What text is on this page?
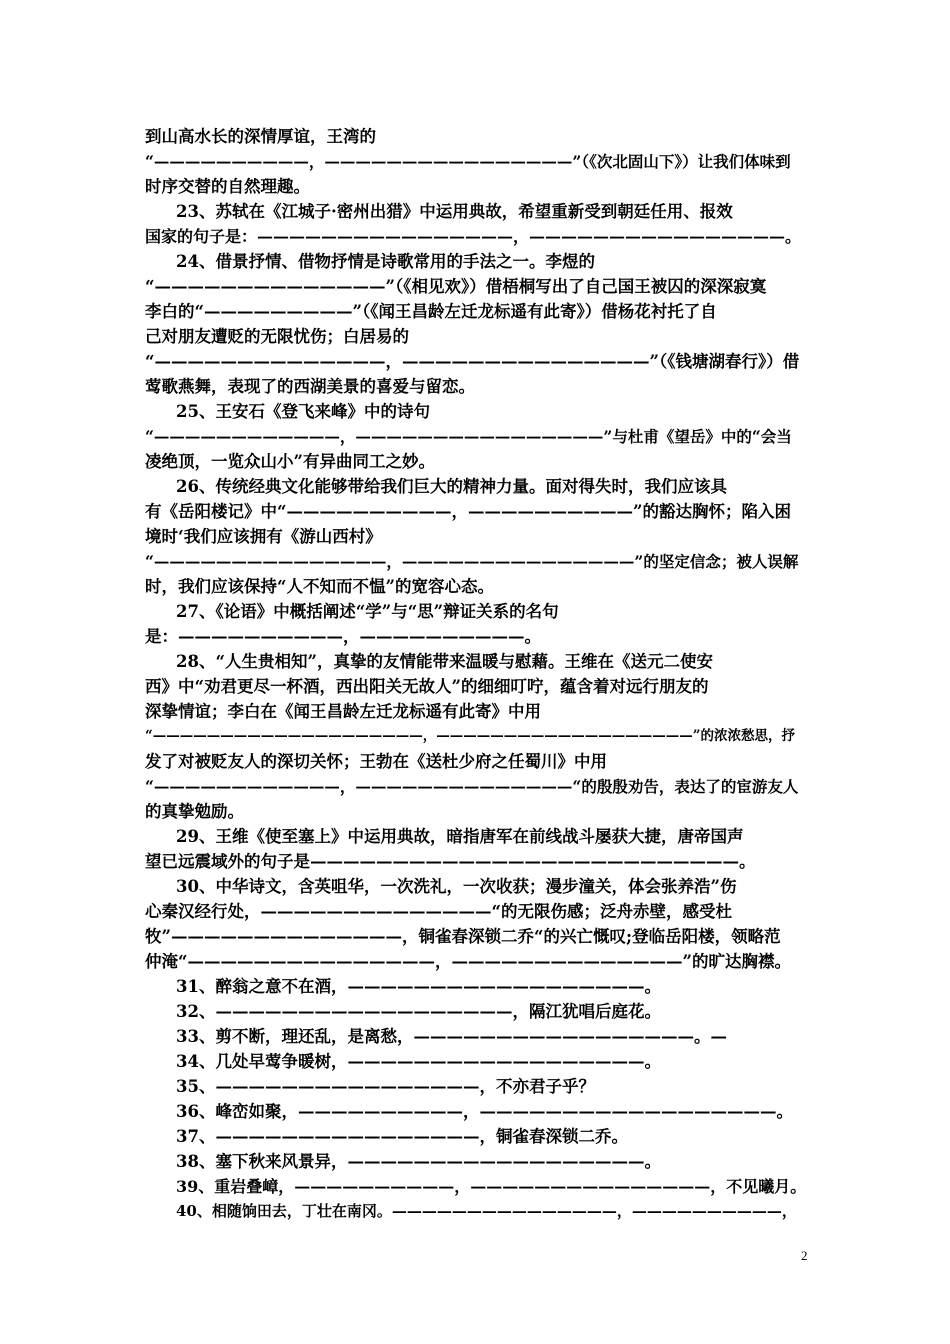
到山高水长的深情厚谊，王湾的
“——————————，————————————————”（《次北固山下》）让我们体味到
时序交替的自然理趣。
23、苏轼在《江城子·密州出猎》中运用典故，希望重新受到朝廷任用、报效
国家的句子是：————————————————，————————————————。
24、借景抒情、借物抒情是诗歌常用的手法之一。李煜的
“——————————————”（《相见欢》）借梧桐写出了自己国王被囚的深深寂寞
李白的“—————————”（《闻王昌龄左迁龙标遥有此寄》）借杨花衬托了自
己对朋友遭贬的无限忧伤；白居易的
“——————————————，———————————————”（《钱塘湖春行》）借
莺歌燕舞，表现了的西湖美景的喜爱与留恋。
25、王安石《登飞来峰》中的诗句
“————————————，————————————————”与杜甫《望岳》中的“会当
凌绝顶，一览众山小”有异曲同工之妙。
26、传统经典文化能够带给我们巨大的精神力量。面对得失时，我们应该具
有《岳阳楼记》中“——————————，——————————”的豁达胸怀；陷入困
境时‘我们应该拥有《游山西村》
“———————————————，———————————————”的坚定信念；被人误解
时，我们应该保持“人不知而不愠”的宽容心态。
27、《论语》中概括阐述“学”与“思”辩证关系的名句
是：——————————，——————————。
28、“人生贵相知”，真挚的友情能带来温暖与慰藉。王维在《送元二使安
西》中“劝君更尽一杯酒，西出阳关无故人”的细细叮咛，蕴含着对远行朋友的
深挚情谊；李白在《闻王昌龄左迁龙标遥有此寄》中用
“————————————————————，———————————————————”的浓浓愁思，抒
发了对被贬友人的深切关怀；王勃在《送杜少府之任蜀川》中用
“————————————，——————————————“的殷殷劝告，表达了的宦游友人
的真挚勉励。
29、王维《使至塞上》中运用典故，暗指唐军在前线战斗屡获大捷，唐帝国声
望已远震域外的句子是——————————————————————————。
30、中华诗文，含英咀华，一次洗礼，一次收获；漫步潼关，体会张养浩”伤
心秦汉经行处，——————————————“的无限伤感；泛舟赤壁，感受杜
牧”——————————————，铜雀春深锁二乔“的兴亡慨叹;登临岳阳楼，领略范
仲淹“———————————————，——————————————”的旷达胸襟。
31、醉翁之意不在酒，——————————————————。
32、——————————————————，隔江犹唱后庭花。
33、剪不断，理还乱，是离愁，—————————————————。—
34、几处早莺争暖树，——————————————————。
35、————————————————，不亦君子乎？
36、峰峦如聚，——————————，——————————————————。
37、————————————————，铜雀春深锁二乔。
38、塞下秋来风景异，——————————————————。
39、重岩叠嶂，——————————，———————————————，不见曦月。
40、相随饷田去，丁壮在南冈。———————————————，——————————，
2
